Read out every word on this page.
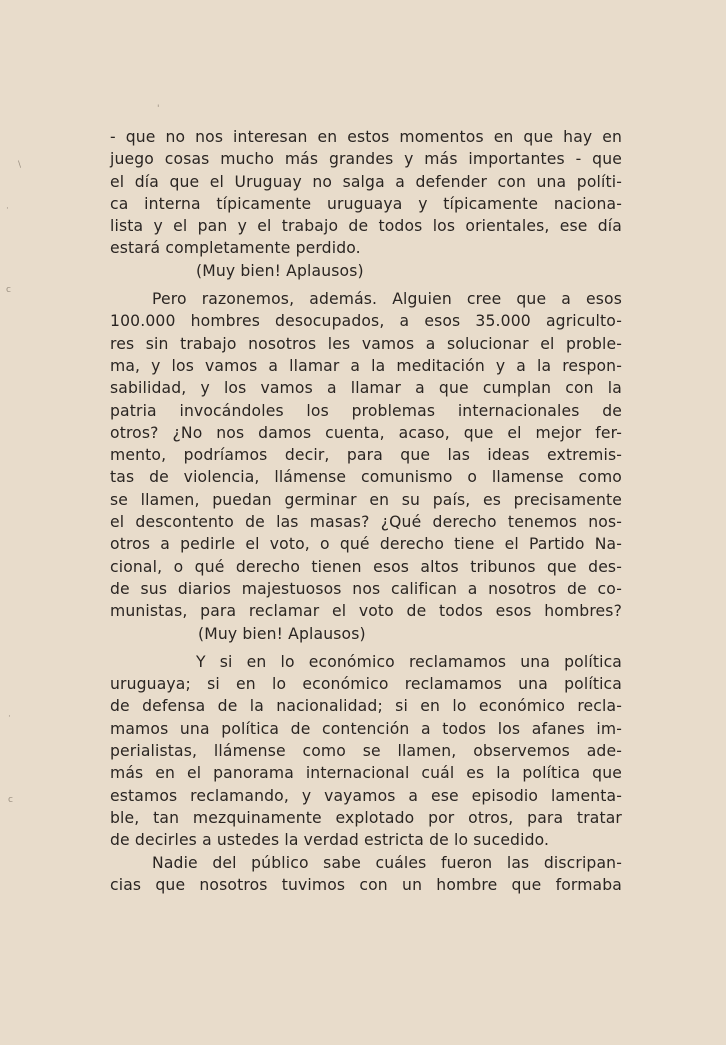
'
\
·
c
·
c
- que no nos interesan en estos momentos en que hay en
juego cosas mucho más grandes y más importantes - que
el día que el Uruguay no salga a defender con una políti-
ca interna típicamente uruguaya y típicamente naciona-
lista y el pan y el trabajo de todos los orientales, ese día
estará completamente perdido.
(Muy bien! Aplausos)
Pero razonemos, además. Alguien cree que a esos
100.000 hombres desocupados, a esos 35.000 agriculto-
res sin trabajo nosotros les vamos a solucionar el proble-
ma, y los vamos a llamar a la meditación y a la respon-
sabilidad, y los vamos a llamar a que cumplan con la
patria invocándoles los problemas internacionales de
otros? ¿No nos damos cuenta, acaso, que el mejor fer-
mento, podríamos decir, para que las ideas extremis-
tas de violencia, llámense comunismo o llamense como
se llamen, puedan germinar en su país, es precisamente
el descontento de las masas? ¿Qué derecho tenemos nos-
otros a pedirle el voto, o qué derecho tiene el Partido Na-
cional, o qué derecho tienen esos altos tribunos que des-
de sus diarios majestuosos nos califican a nosotros de co-
munistas, para reclamar el voto de todos esos hombres?
(Muy bien! Aplausos)
Y si en lo económico reclamamos una política
uruguaya; si en lo económico reclamamos una política
de defensa de la nacionalidad; si en lo económico recla-
mamos una política de contención a todos los afanes im-
perialistas, llámense como se llamen, observemos ade-
más en el panorama internacional cuál es la política que
estamos reclamando, y vayamos a ese episodio lamenta-
ble, tan mezquinamente explotado por otros, para tratar
de decirles a ustedes la verdad estricta de lo sucedido.
Nadie del público sabe cuáles fueron las discripan-
cias que nosotros tuvimos con un hombre que formaba
